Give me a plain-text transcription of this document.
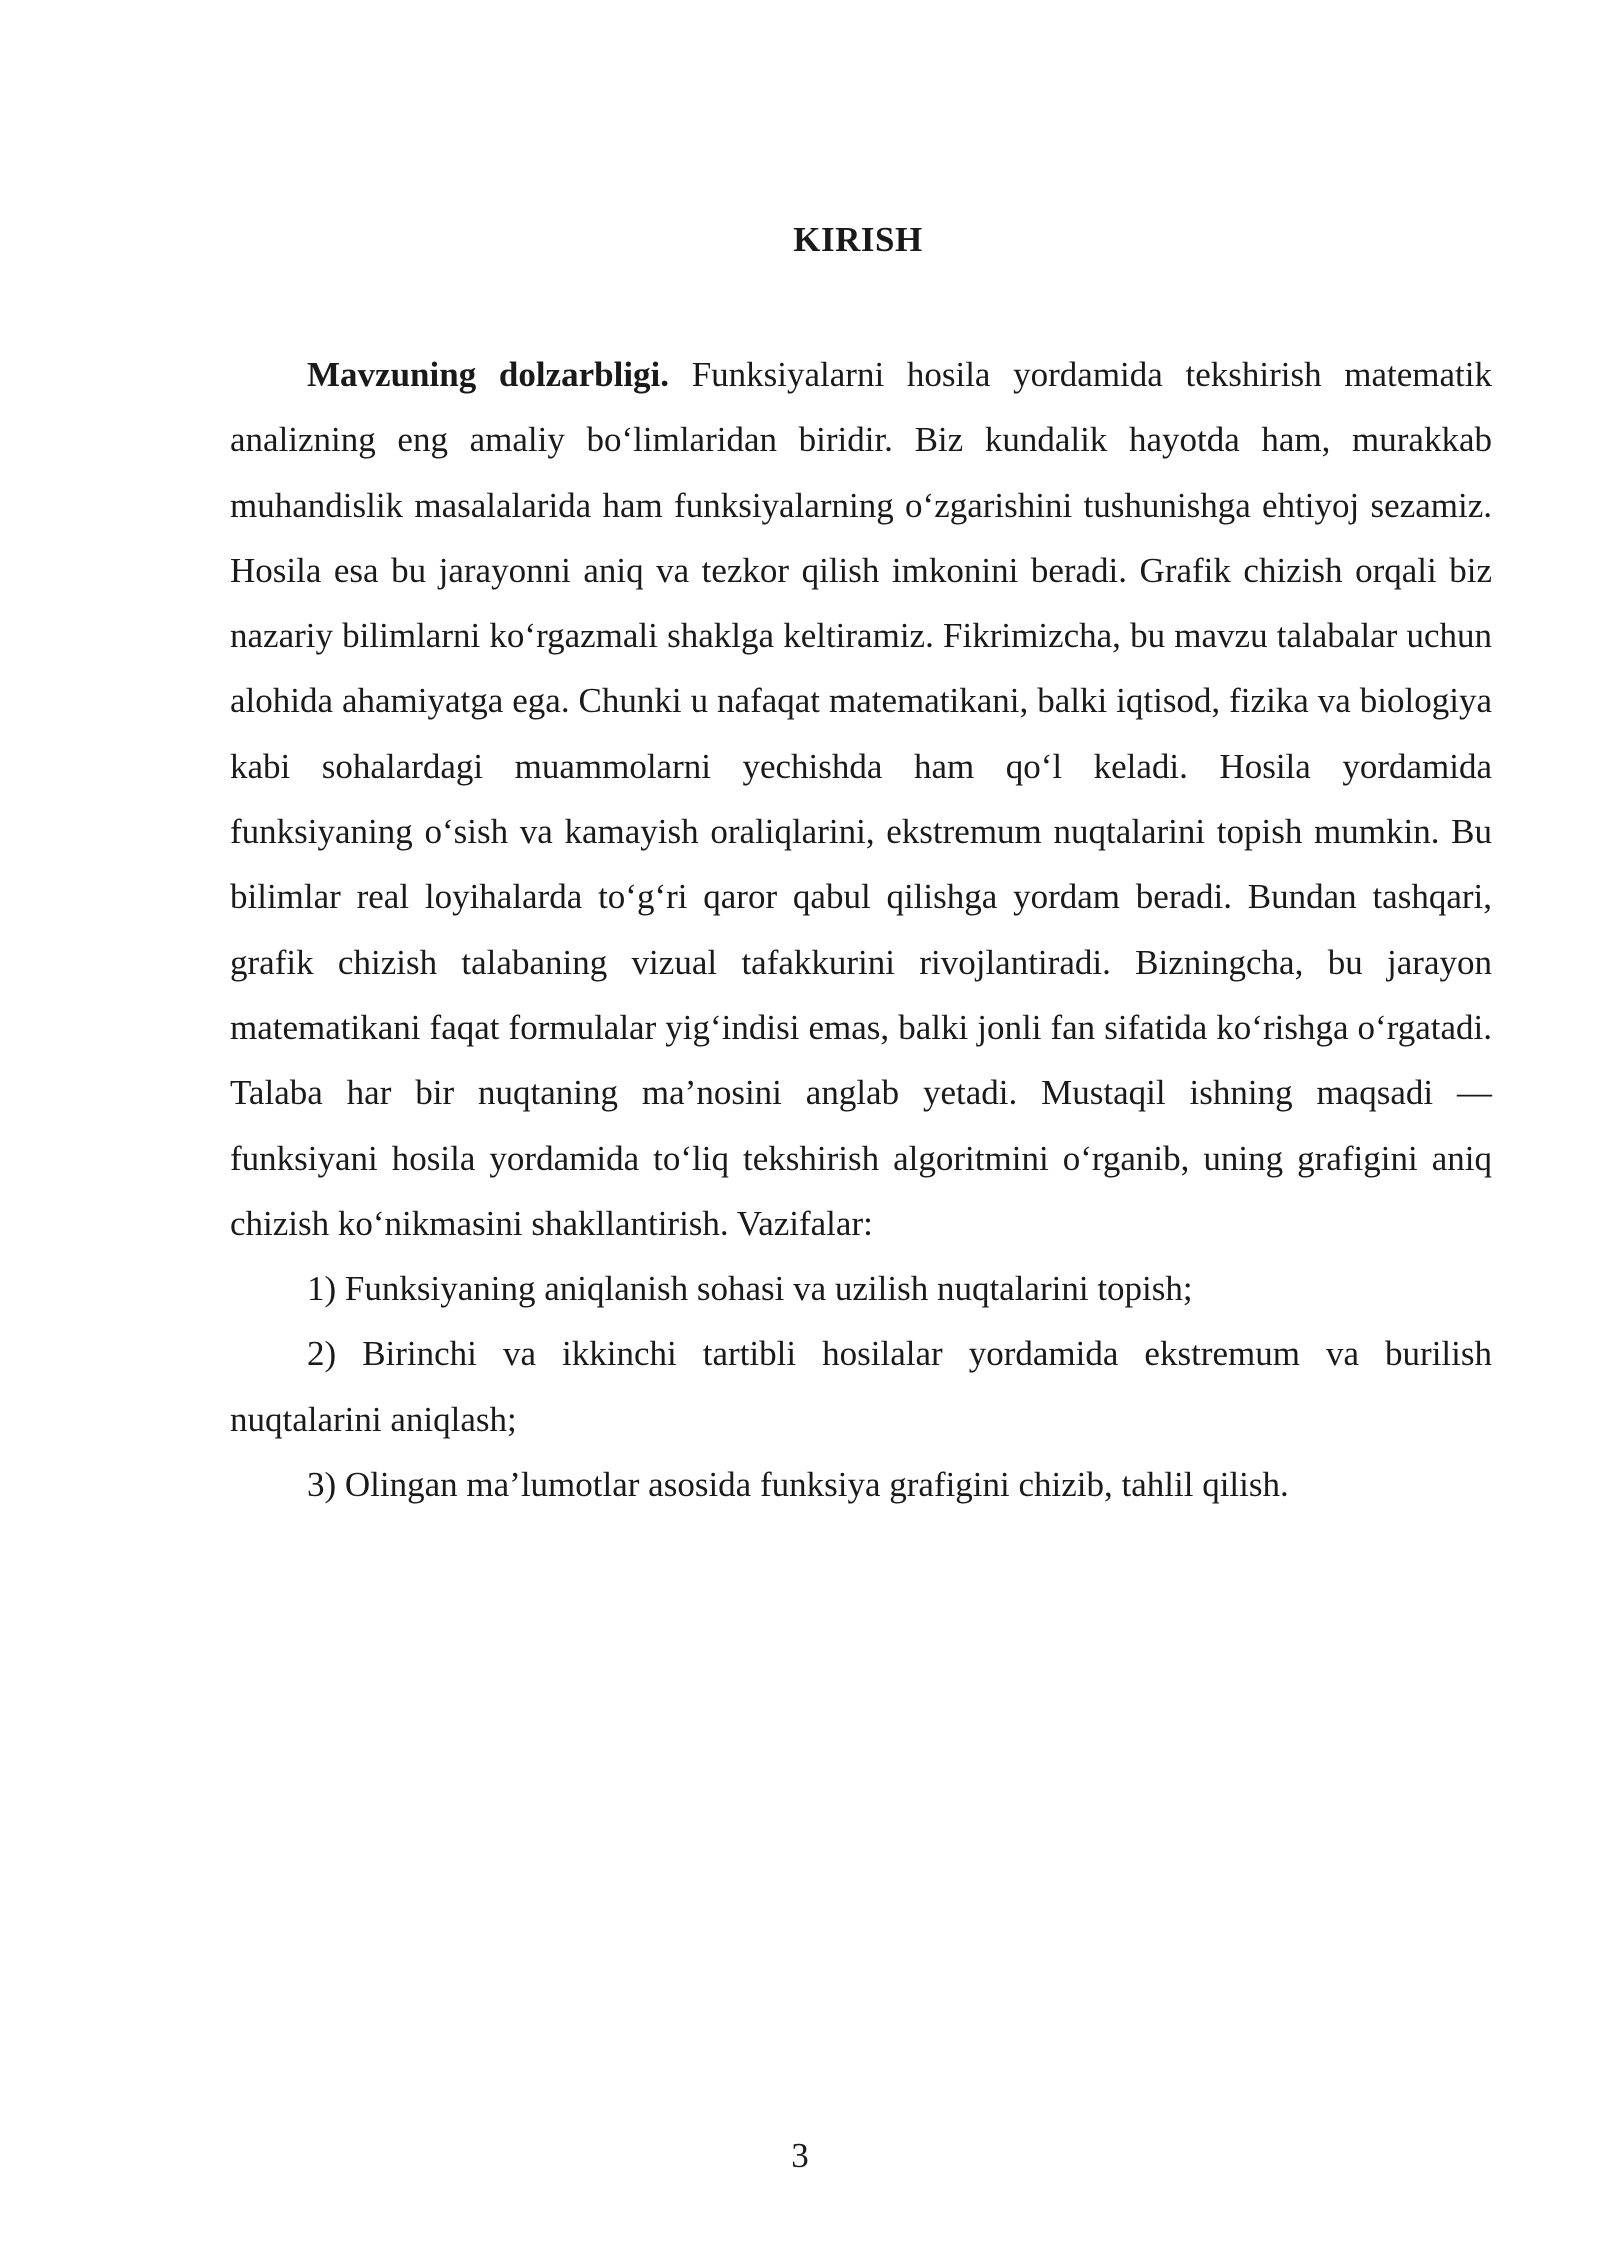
KIRISH

Mavzuning dolzarbligi. Funksiyalarni hosila yordamida tekshirish matematik analizning eng amaliy bo‘limlaridan biridir. Biz kundalik hayotda ham, murakkab muhandislik masalalarida ham funksiyalarning o‘zgarishini tushunishga ehtiyoj sezamiz. Hosila esa bu jarayonni aniq va tezkor qilish imkonini beradi. Grafik chizish orqali biz nazariy bilimlarni ko‘rgazmali shaklga keltiramiz. Fikrimizcha, bu mavzu talabalar uchun alohida ahamiyatga ega. Chunki u nafaqat matematikani, balki iqtisod, fizika va biologiya kabi sohalardagi muammolarni yechishda ham qo‘l keladi. Hosila yordamida funksiyaning o‘sish va kamayish oraliqlarini, ekstremum nuqtalarini topish mumkin. Bu bilimlar real loyihalarda to‘g‘ri qaror qabul qilishga yordam beradi. Bundan tashqari, grafik chizish talabaning vizual tafakkurini rivojlantiradi. Bizningcha, bu jarayon matematikani faqat formulalar yig‘indisi emas, balki jonli fan sifatida ko‘rishga o‘rgatadi. Talaba har bir nuqtaning ma’nosini anglab yetadi. Mustaqil ishning maqsadi — funksiyani hosila yordamida to‘liq tekshirish algoritmini o‘rganib, uning grafigini aniq chizish ko‘nikmasini shakllantirish. Vazifalar:

1) Funksiyaning aniqlanish sohasi va uzilish nuqtalarini topish;

2) Birinchi va ikkinchi tartibli hosilalar yordamida ekstremum va burilish nuqtalarini aniqlash;

3) Olingan ma’lumotlar asosida funksiya grafigini chizib, tahlil qilish.

3
